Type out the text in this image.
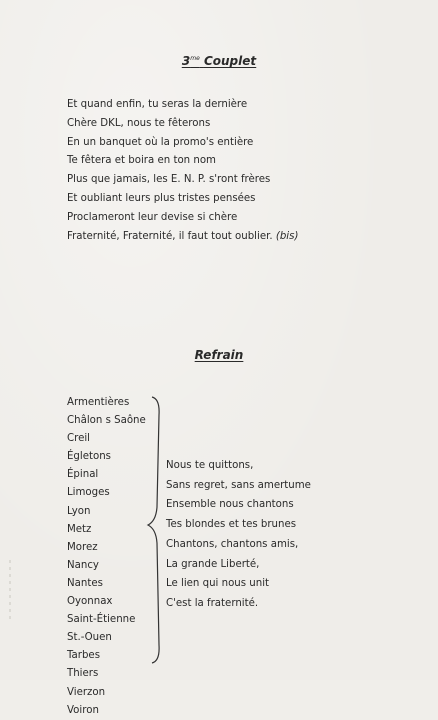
$3^{me}$ Couplet
Et quand enfin, tu seras la dernière
Chère DKL, nous te fêterons
En un banquet où la promo's entière
Te fêtera et boira en ton nom
Plus que jamais, les E. N. P. s'ront frères
Et oubliant leurs plus tristes pensées
Proclameront leur devise si chère
Fraternité, Fraternité, il faut tout oublier. (bis)
Refrain
Armentières
Châlon s Saône
Creil
Égletons
Épinal
Limoges
Lyon
Metz
Morez
Nancy
Nantes
Oyonnax
Saint-Étienne
St.-Ouen
Tarbes
Thiers
Vierzon
Voiron
Nous te quittons,
Sans regret, sans amertume
Ensemble nous chantons
Tes blondes et tes brunes
Chantons, chantons amis,
La grande Liberté,
Le lien qui nous unit
C'est la fraternité.
